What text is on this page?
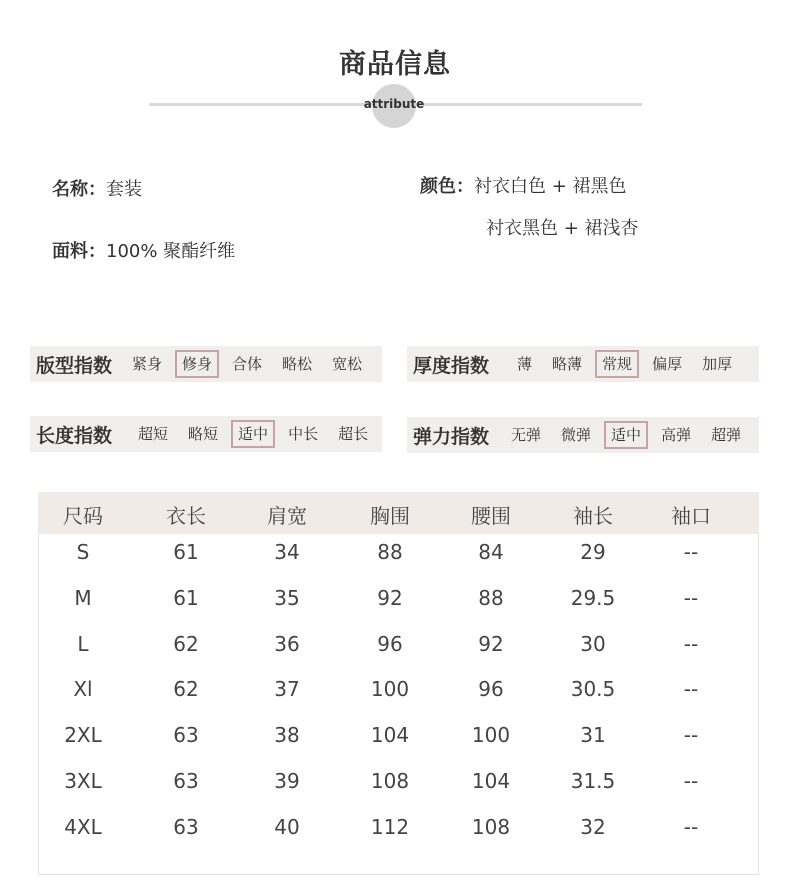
商品信息
attribute
名称：套装
面料：100% 聚酯纤维
颜色：衬衣白色 + 裙黑色
衬衣黑色 + 裙浅杏
版型指数	紧身	修身	合体	略松	宽松	厚度指数	薄	略薄	常规	偏厚	加厚
长度指数	超短	略短	适中	中长	超长	弹力指数	无弹	微弹	适中	高弹	超弹
尺码	衣长	肩宽	胸围	腰围	袖长	袖口
S	61	34	88	84	29	--
M	61	35	92	88	29.5	--
L	62	36	96	92	30	--
Xl	62	37	100	96	30.5	--
2XL	63	38	104	100	31	--
3XL	63	39	108	104	31.5	--
4XL	63	40	112	108	32	--
